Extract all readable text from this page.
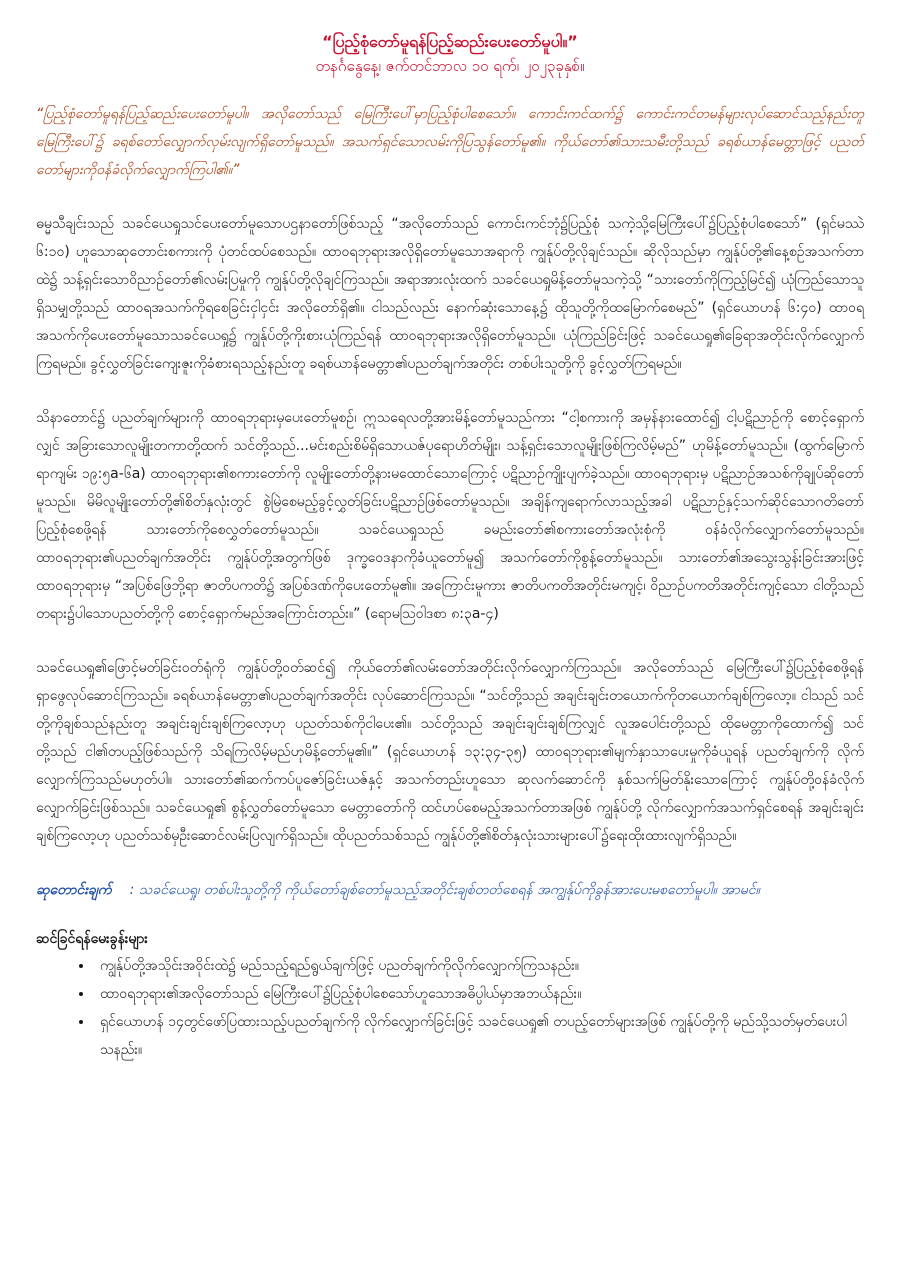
“ပြည့်စုံတော်မူရန်ပြည့်ဆည်းပေးတော်မူပါ။”

တနင်္ဂနွေနေ့၊ ဇက်တင်ဘာလ ၁၀ ရက်၊ ၂၀၂၃ခုနှစ်။

“ပြည့်စုံတော်မူရန်ပြည့်ဆည်းပေးတော်မူပါ။ အလိုတော်သည် မြေကြီးပေါ်မှာပြည့်စုံပါစေသော်။ ကောင်းကင်ထက်၌ ကောင်းကင်တမန်များလုပ်ဆောင်သည့်နည်းတူ မြေကြီးပေါ်၌ ခရစ်တော်လျှောက်လှမ်းလျက်ရှိတော်မူသည်။ အသက်ရှင်သောလမ်းကိုပြသွန်တော်မူ၏။ ကိုယ်တော်၏သားသမီးတို့သည် ခရစ်ယာန်မေတ္တာဖြင့် ပညတ်တော်များကိုဝန်ခံလိုက်လျှောက်ကြပါ၏။”

ဓမ္မသီချင်းသည် သခင်ယေရှုသင်ပေးတော်မူသောပဌနာတော်ဖြစ်သည့် “အလိုတော်သည် ကောင်းကင်ဘုံ၌ပြည့်စုံ သကဲ့သို့မြေကြီးပေါ်၌ပြည့်စုံပါစေသော်” (ရှင်မဿဲ ၆:၁၀) ဟူသောဆုတောင်းစကားကို ပုံတင်ထပ်စေသည်။ ထာဝရဘုရားအလိုရှိတော်မူသောအရာကို ကျွန်ုပ်တို့လိုချင်သည်။ ဆိုလိုသည်မှာ ကျွန်ုပ်တို့၏နေ့စဉ်အသက်တာထဲ၌ သန့်ရှင်းသောဝိညာဉ်တော်၏လမ်းပြမှုကို ကျွန်ုပ်တို့လိုချင်ကြသည်။ အရာအားလုံးထက် သခင်ယေရှုမိန့်တော်မူသကဲ့သို့ “သားတော်ကိုကြည့်မြင်၍ ယုံကြည်သောသူရှိသမျှတို့သည် ထာဝရအသက်ကိုရစေခြင်းငှါငှင်း အလိုတော်ရှိ၏။ ငါသည်လည်း နောက်ဆုံးသောနေ့၌ ထိုသူတို့ကိုထမြောက်စေမည်” (ရှင်ယောဟန် ၆:၄၀) ထာဝရအသက်ကိုပေးတော်မူသောသခင်ယေရှု၌ ကျွန်ုပ်တို့ကိုးစားယုံကြည်ရန် ထာဝရဘုရားအလိုရှိတော်မူသည်။ ယုံကြည်ခြင်းဖြင့် သခင်ယေရှု၏ခြေရာအတိုင်းလိုက်လျှောက်ကြရမည်။ ခွင့်လွှတ်ခြင်းကျေးဇူးကိုခံစားရသည့်နည်းတူ ခရစ်ယာန်မေတ္တာ၏ပညတ်ချက်အတိုင်း တစ်ပါးသူတို့ကို ခွင့်လွှတ်ကြရမည်။

သိနာတောင်၌ ပညတ်ချက်များကို ထာဝရဘုရားမှပေးတော်မူစဉ်၊ ဣသရေလတို့အားမိန့်တော်မူသည်ကား “ငါ့စကားကို အမှန်နားထောင်၍ ငါ့ပဋိညာဉ်ကို စောင့်ရှောက်လျှင် အခြားသောလူမျိုးတကာတို့ထက် သင်တို့သည်...မင်းစည်းစိမ်ရှိသောယဇ်ပုရောဟိတ်မျိုး၊ သန့်ရှင်းသောလူမျိုးဖြစ်ကြလိမ့်မည်” ဟုမိန့်တော်မူသည်။ (ထွက်မြောက်ရာကျမ်း ၁၉:၅a-၆a) ထာဝရဘုရား၏စကားတော်ကို လူမျိုးတော်တို့နားမထောင်သောကြောင့် ပဋိညာဉ်ကျိုးပျက်ခဲ့သည်။ ထာဝရဘုရားမှ ပဋိညာဉ်အသစ်ကိုချုပ်ဆိုတော်မူသည်။ မိမိလူမျိုးတော်တို့၏စိတ်နှလုံးတွင် စွဲမြဲစေမည့်ခွင့်လွှတ်ခြင်းပဋိညာဉ်ဖြစ်တော်မူသည်။ အချိန်ကျရောက်လာသည့်အခါ ပဋိညာဉ်နှင့်သက်ဆိုင်သောဂတိတော်ပြည့်စုံစေဖို့ရန် သားတော်ကိုစေလွှတ်တော်မူသည်။ သခင်ယေရှုသည် ခမည်းတော်၏စကားတော်အလုံးစုံကို ဝန်ခံလိုက်လျှောက်တော်မူသည်။ ထာဝရဘုရား၏ပညတ်ချက်အတိုင်း ကျွန်ုပ်တို့အတွက်ဖြစ် ဒုက္ခဝေဒနာကိုခံယူတော်မူ၍ အသက်တော်ကိုစွန့်တော်မူသည်။ သားတော်၏အသွေးသွန်းခြင်းအားဖြင့် ထာဝရဘုရားမှ “အပြစ်ဖြေဘို့ရာ ဇာတိပကတိ၌ အပြစ်ဒဏ်ကိုပေးတော်မူ၏။ အကြောင်းမူကား ဇာတိပကတိအတိုင်းမကျင့်၊ ဝိညာဉ်ပကတိအတိုင်းကျင့်သော ငါတို့သည် တရား၌ပါသောပညတ်တို့ကို စောင့်ရှောက်မည်အကြောင်းတည်း။” (ရောမဩဝါဒစာ ၈:၃a-၄)

သခင်ယေရှု၏ဖြောင့်မတ်ခြင်းဝတ်ရုံကို ကျွန်ုပ်တို့ဝတ်ဆင်၍ ကိုယ်တော်၏လမ်းတော်အတိုင်းလိုက်လျှောက်ကြသည်။ အလိုတော်သည် မြေကြီးပေါ်၌ပြည့်စုံစေဖို့ရန် ရှာဖွေလုပ်ဆောင်ကြသည်။ ခရစ်ယာန်မေတ္တာ၏ပညတ်ချက်အတိုင်း လုပ်ဆောင်ကြသည်။ “သင်တို့သည် အချင်းချင်းတယောက်ကိုတယောက်ချစ်ကြလော့။ ငါသည် သင်တို့ကိုချစ်သည်နည်းတူ အချင်းချင်းချစ်ကြလော့ဟု ပညတ်သစ်ကိုငါပေး၏။ သင်တို့သည် အချင်းချင်းချစ်ကြလျှင် လူအပေါင်းတို့သည် ထိုမေတ္တာကိုထောက်၍ သင်တို့သည် ငါ၏တပည့်ဖြစ်သည်ကို သိရကြလိမ့်မည်ဟုမိန့်တော်မူ၏။” (ရှင်ယောဟန် ၁၃:၃၄-၃၅) ထာဝရဘုရား၏မျက်နှာသာပေးမှုကိုခံယူရန် ပညတ်ချက်ကို လိုက်လျှောက်ကြသည်မဟုတ်ပါ။ သားတော်၏ဆက်ကပ်ပူဇော်ခြင်းယဇ်နှင့် အသက်တည်းဟူသော ဆုလက်ဆောင်ကို နှစ်သက်မြတ်နိုးသောကြောင့် ကျွန်ုပ်တို့ဝန်ခံလိုက်လျှောက်ခြင်းဖြစ်သည်။ သခင်ယေရှု၏ စွန့်လွှတ်တော်မူသော မေတ္တာတော်ကို ထင်ဟပ်စေမည့်အသက်တာအဖြစ် ကျွန်ုပ်တို့ လိုက်လျှောက်အသက်ရှင်စေရန် အချင်းချင်းချစ်ကြလော့ဟု ပညတ်သစ်မှဦးဆောင်လမ်းပြလျက်ရှိသည်။ ထိုပညတ်သစ်သည် ကျွန်ုပ်တို့၏စိတ်နှလုံးသားများပေါ်၌ရေးထိုးထားလျက်ရှိသည်။

ဆုတောင်းချက် : သခင်ယေရှု၊ တစ်ပါးသူတို့ကို ကိုယ်တော်ချစ်တော်မူသည့်အတိုင်းချစ်တတ်စေရန် အကျွန်ုပ်ကိုခွန်အားပေးမစတော်မူပါ။ အာမင်။

ဆင်ခြင်ရန်မေးခွန်းများ

• ကျွန်ုပ်တို့အသိုင်းအဝိုင်းထဲ၌ မည်သည့်ရည်ရွယ်ချက်ဖြင့် ပညတ်ချက်ကိုလိုက်လျှောက်ကြသနည်း။
• ထာဝရဘုရား၏အလိုတော်သည် မြေကြီးပေါ်၌ပြည့်စုံပါစေသော်ဟူသောအဓိပ္ပါယ်မှာအဘယ်နည်း။
• ရှင်ယောဟန် ၁၄တွင်ဖော်ပြထားသည့်ပညတ်ချက်ကို လိုက်လျှောက်ခြင်းဖြင့် သခင်ယေရှု၏ တပည့်တော်များအဖြစ် ကျွန်ုပ်တို့ကို မည်သို့သတ်မှတ်ပေးပါသနည်း။
